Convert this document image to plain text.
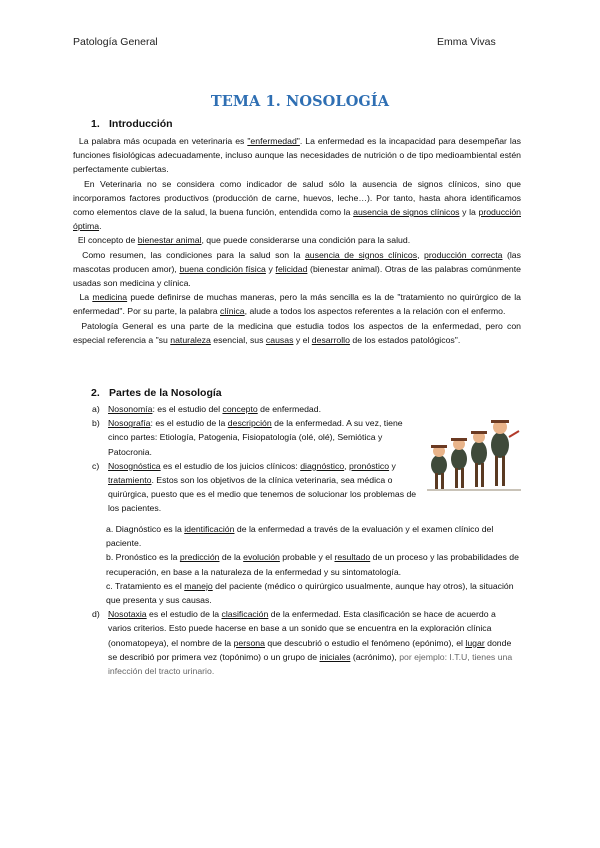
Patología General	Emma Vivas
TEMA 1. NOSOLOGÍA
1. Introducción

La palabra más ocupada en veterinaria es "enfermedad". La enfermedad es la incapacidad para desempeñar las funciones fisiológicas adecuadamente, incluso aunque las necesidades de nutrición o de tipo medioambiental estén perfectamente cubiertas.

En Veterinaria no se considera como indicador de salud sólo la ausencia de signos clínicos, sino que incorporamos factores productivos (producción de carne, huevos, leche…). Por tanto, hasta ahora identificamos como elementos clave de la salud, la buena función, entendida como la ausencia de signos clínicos y la producción óptima.

El concepto de bienestar animal, que puede considerarse una condición para la salud.

Como resumen, las condiciones para la salud son la ausencia de signos clínicos, producción correcta (las mascotas producen amor), buena condición física y felicidad (bienestar animal). Otras de las palabras comúnmente usadas son medicina y clínica.

La medicina puede definirse de muchas maneras, pero la más sencilla es la de "tratamiento no quirúrgico de la enfermedad". Por su parte, la palabra clínica, alude a todos los aspectos referentes a la relación con el enfermo.

Patología General es una parte de la medicina que estudia todos los aspectos de la enfermedad, pero con especial referencia a "su naturaleza esencial, sus causas y el desarrollo de los estados patológicos".

2. Partes de la Nosología
a) Nosonomía: es el estudio del concepto de enfermedad.
b) Nosografía: es el estudio de la descripción de la enfermedad. A su vez, tiene cinco partes: Etiología, Patogenia, Fisiopatología (olé, olé), Semiótica y Patocronia.
c) Nosognóstica es el estudio de los juicios clínicos: diagnóstico, pronóstico y tratamiento. Estos son los objetivos de la clínica veterinaria, sea médica o quirúrgica, puesto que es el medio que tenemos de solucionar los problemas de los pacientes.
a. Diagnóstico es la identificación de la enfermedad a través de la evaluación y el examen clínico del paciente.
b. Pronóstico es la predicción de la evolución probable y el resultado de un proceso y las probabilidades de recuperación, en base a la naturaleza de la enfermedad y su sintomatología.
c. Tratamiento es el manejo del paciente (médico o quirúrgico usualmente, aunque hay otros), la situación que presenta y sus causas.
d) Nosotaxia es el estudio de la clasificación de la enfermedad. Esta clasificación se hace de acuerdo a varios criterios. Esto puede hacerse en base a un sonido que se encuentra en la exploración clínica (onomatopeya), el nombre de la persona que descubrió o estudio el fenómeno (epónimo), el lugar donde se describió por primera vez (topónimo) o un grupo de iniciales (acrónimo), por ejemplo: I.T.U, tienes una infección del tracto urinario.
